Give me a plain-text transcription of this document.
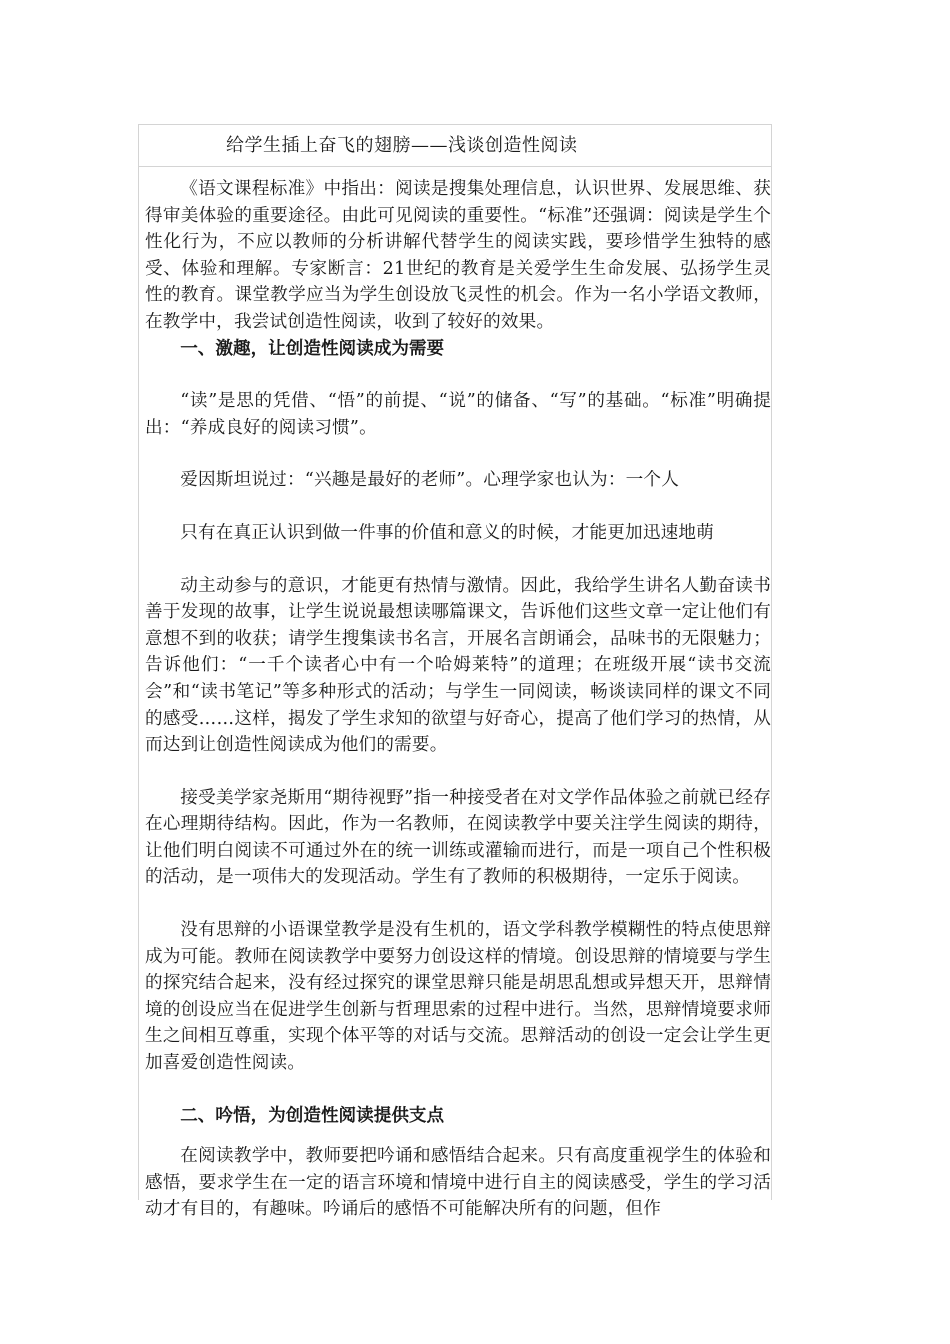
给学生插上奋飞的翅膀——浅谈创造性阅读

《语文课程标准》中指出：阅读是搜集处理信息，认识世界、发展思维、获得审美体验的重要途径。由此可见阅读的重要性。“标准”还强调：阅读是学生个性化行为，不应以教师的分析讲解代替学生的阅读实践，要珍惜学生独特的感受、体验和理解。专家断言：21世纪的教育是关爱学生生命发展、弘扬学生灵性的教育。课堂教学应当为学生创设放飞灵性的机会。作为一名小学语文教师，在教学中，我尝试创造性阅读，收到了较好的效果。

一、激趣，让创造性阅读成为需要

“读”是思的凭借、“悟”的前提、“说”的储备、“写”的基础。“标准”明确提出：“养成良好的阅读习惯”。

爱因斯坦说过：“兴趣是最好的老师”。心理学家也认为：一个人

只有在真正认识到做一件事的价值和意义的时候，才能更加迅速地萌

动主动参与的意识，才能更有热情与激情。因此，我给学生讲名人勤奋读书善于发现的故事，让学生说说最想读哪篇课文，告诉他们这些文章一定让他们有意想不到的收获；请学生搜集读书名言，开展名言朗诵会，品味书的无限魅力；告诉他们：“一千个读者心中有一个哈姆莱特”的道理；在班级开展“读书交流会”和“读书笔记”等多种形式的活动；与学生一同阅读，畅谈读同样的课文不同的感受……这样，揭发了学生求知的欲望与好奇心，提高了他们学习的热情，从而达到让创造性阅读成为他们的需要。

接受美学家尧斯用“期待视野”指一种接受者在对文学作品体验之前就已经存在心理期待结构。因此，作为一名教师，在阅读教学中要关注学生阅读的期待，让他们明白阅读不可通过外在的统一训练或灌输而进行，而是一项自己个性积极的活动，是一项伟大的发现活动。学生有了教师的积极期待，一定乐于阅读。

没有思辩的小语课堂教学是没有生机的，语文学科教学模糊性的特点使思辩成为可能。教师在阅读教学中要努力创设这样的情境。创设思辩的情境要与学生的探究结合起来，没有经过探究的课堂思辩只能是胡思乱想或异想天开，思辩情境的创设应当在促进学生创新与哲理思索的过程中进行。当然，思辩情境要求师生之间相互尊重，实现个体平等的对话与交流。思辩活动的创设一定会让学生更加喜爱创造性阅读。

二、吟悟，为创造性阅读提供支点

在阅读教学中，教师要把吟诵和感悟结合起来。只有高度重视学生的体验和感悟，要求学生在一定的语言环境和情境中进行自主的阅读感受，学生的学习活动才有目的，有趣味。吟诵后的感悟不可能解决所有的问题，但作
